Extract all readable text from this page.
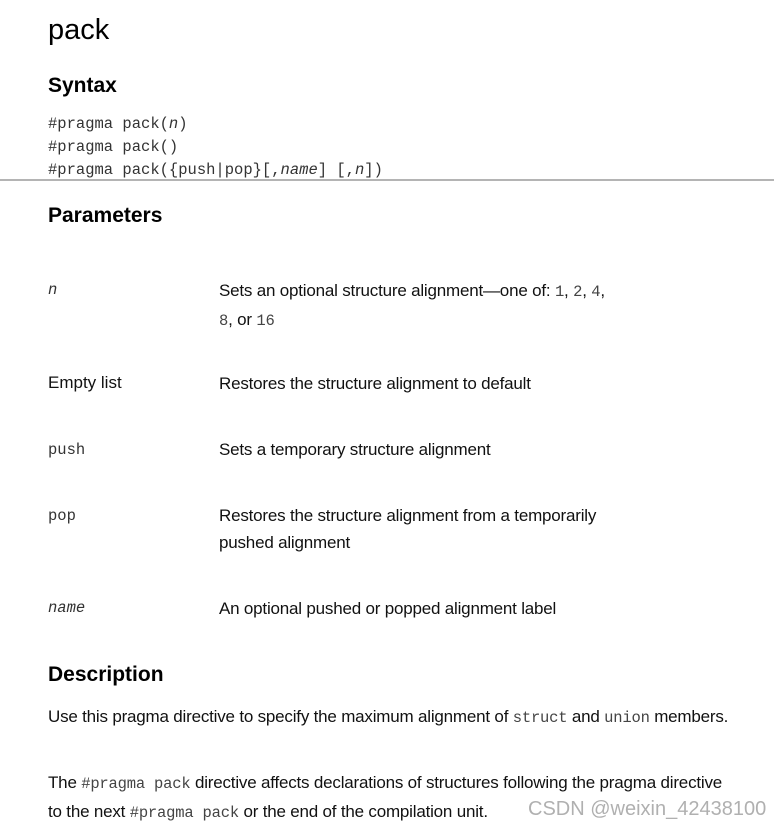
pack
Syntax
#pragma pack(n)
#pragma pack()
#pragma pack({push|pop}[,name] [,n])
Parameters
n	Sets an optional structure alignment—one of: 1, 2, 4,
8, or 16
Empty list	Restores the structure alignment to default
push	Sets a temporary structure alignment
pop	Restores the structure alignment from a temporarily
pushed alignment
name	An optional pushed or popped alignment label
Description
Use this pragma directive to specify the maximum alignment of struct and union members.
The #pragma pack directive affects declarations of structures following the pragma directive to the next #pragma pack or the end of the compilation unit.	CSDN @weixin_42438100
